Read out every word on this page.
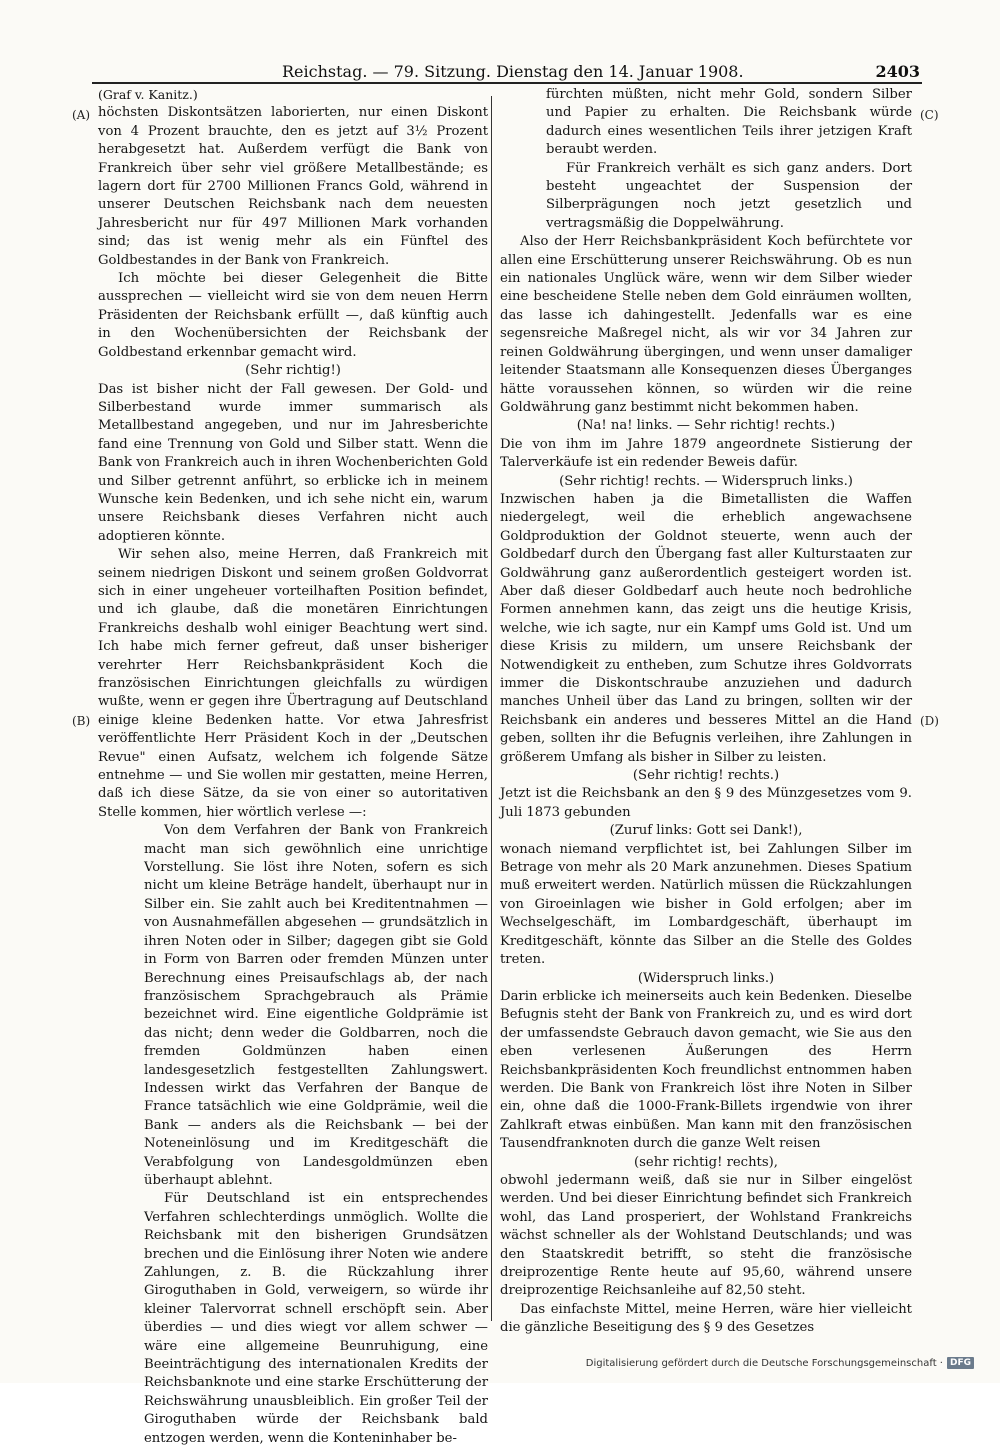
Reichstag. — 79. Sitzung. Dienstag den 14. Januar 1908.	2403
(A)
(B)
(C)
(D)

(Graf v. Kanitz.)

höchsten Diskontsätzen laborierten, nur einen Diskont von 4 Prozent brauchte, den es jetzt auf 3½ Prozent herabgesetzt hat. Außerdem verfügt die Bank von Frankreich über sehr viel größere Metallbestände; es lagern dort für 2700 Millionen Francs Gold, während in unserer Deutschen Reichsbank nach dem neuesten Jahresbericht nur für 497 Millionen Mark vorhanden sind; das ist wenig mehr als ein Fünftel des Goldbestandes in der Bank von Frankreich.

Ich möchte bei dieser Gelegenheit die Bitte aussprechen — vielleicht wird sie von dem neuen Herrn Präsidenten der Reichsbank erfüllt —, daß künftig auch in den Wochenübersichten der Reichsbank der Goldbestand erkennbar gemacht wird.

(Sehr richtig!)

Das ist bisher nicht der Fall gewesen. Der Gold- und Silberbestand wurde immer summarisch als Metallbestand angegeben, und nur im Jahresberichte fand eine Trennung von Gold und Silber statt. Wenn die Bank von Frankreich auch in ihren Wochenberichten Gold und Silber getrennt anführt, so erblicke ich in meinem Wunsche kein Bedenken, und ich sehe nicht ein, warum unsere Reichsbank dieses Verfahren nicht auch adoptieren könnte.

Wir sehen also, meine Herren, daß Frankreich mit seinem niedrigen Diskont und seinem großen Goldvorrat sich in einer ungeheuer vorteilhaften Position befindet, und ich glaube, daß die monetären Einrichtungen Frankreichs deshalb wohl einiger Beachtung wert sind. Ich habe mich ferner gefreut, daß unser bisheriger verehrter Herr Reichsbankpräsident Koch die französischen Einrichtungen gleichfalls zu würdigen wußte, wenn er gegen ihre Übertragung auf Deutschland einige kleine Bedenken hatte. Vor etwa Jahresfrist veröffentlichte Herr Präsident Koch in der „Deutschen Revue" einen Aufsatz, welchem ich folgende Sätze entnehme — und Sie wollen mir gestatten, meine Herren, daß ich diese Sätze, da sie von einer so autoritativen Stelle kommen, hier wörtlich verlese —:

Von dem Verfahren der Bank von Frankreich macht man sich gewöhnlich eine unrichtige Vorstellung. Sie löst ihre Noten, sofern es sich nicht um kleine Beträge handelt, überhaupt nur in Silber ein. Sie zahlt auch bei Kreditentnahmen — von Ausnahmefällen abgesehen — grundsätzlich in ihren Noten oder in Silber; dagegen gibt sie Gold in Form von Barren oder fremden Münzen unter Berechnung eines Preisaufschlags ab, der nach französischem Sprachgebrauch als Prämie bezeichnet wird. Eine eigentliche Goldprämie ist das nicht; denn weder die Goldbarren, noch die fremden Goldmünzen haben einen landesgesetzlich festgestellten Zahlungswert. Indessen wirkt das Verfahren der Banque de France tatsächlich wie eine Goldprämie, weil die Bank — anders als die Reichsbank — bei der Noteneinlösung und im Kreditgeschäft die Verabfolgung von Landesgoldmünzen eben überhaupt ablehnt.

Für Deutschland ist ein entsprechendes Verfahren schlechterdings unmöglich. Wollte die Reichsbank mit den bisherigen Grundsätzen brechen und die Einlösung ihrer Noten wie andere Zahlungen, z. B. die Rückzahlung ihrer Giroguthaben in Gold, verweigern, so würde ihr kleiner Talervorrat schnell erschöpft sein. Aber überdies — und dies wiegt vor allem schwer — wäre eine allgemeine Beunruhigung, eine Beeinträchtigung des internationalen Kredits der Reichsbanknote und eine starke Erschütterung der Reichswährung unausbleiblich. Ein großer Teil der Giroguthaben würde der Reichsbank bald entzogen werden, wenn die Konteninhaber be-

fürchten müßten, nicht mehr Gold, sondern Silber und Papier zu erhalten. Die Reichsbank würde dadurch eines wesentlichen Teils ihrer jetzigen Kraft beraubt werden.

Für Frankreich verhält es sich ganz anders. Dort besteht ungeachtet der Suspension der Silberprägungen noch jetzt gesetzlich und vertragsmäßig die Doppelwährung.

Also der Herr Reichsbankpräsident Koch befürchtete vor allen eine Erschütterung unserer Reichswährung. Ob es nun ein nationales Unglück wäre, wenn wir dem Silber wieder eine bescheidene Stelle neben dem Gold einräumen wollten, das lasse ich dahingestellt. Jedenfalls war es eine segensreiche Maßregel nicht, als wir vor 34 Jahren zur reinen Goldwährung übergingen, und wenn unser damaliger leitender Staatsmann alle Konsequenzen dieses Überganges hätte voraussehen können, so würden wir die reine Goldwährung ganz bestimmt nicht bekommen haben.

(Na! na! links. — Sehr richtig! rechts.)

Die von ihm im Jahre 1879 angeordnete Sistierung der Talerverkäufe ist ein redender Beweis dafür.

(Sehr richtig! rechts. — Widerspruch links.)

Inzwischen haben ja die Bimetallisten die Waffen niedergelegt, weil die erheblich angewachsene Goldproduktion der Goldnot steuerte, wenn auch der Goldbedarf durch den Übergang fast aller Kulturstaaten zur Goldwährung ganz außerordentlich gesteigert worden ist. Aber daß dieser Goldbedarf auch heute noch bedrohliche Formen annehmen kann, das zeigt uns die heutige Krisis, welche, wie ich sagte, nur ein Kampf ums Gold ist. Und um diese Krisis zu mildern, um unsere Reichsbank der Notwendigkeit zu entheben, zum Schutze ihres Goldvorrats immer die Diskontschraube anzuziehen und dadurch manches Unheil über das Land zu bringen, sollten wir der Reichsbank ein anderes und besseres Mittel an die Hand geben, sollten ihr die Befugnis verleihen, ihre Zahlungen in größerem Umfang als bisher in Silber zu leisten.

(Sehr richtig! rechts.)

Jetzt ist die Reichsbank an den § 9 des Münzgesetzes vom 9. Juli 1873 gebunden

(Zuruf links: Gott sei Dank!),

wonach niemand verpflichtet ist, bei Zahlungen Silber im Betrage von mehr als 20 Mark anzunehmen. Dieses Spatium muß erweitert werden. Natürlich müssen die Rückzahlungen von Giroeinlagen wie bisher in Gold erfolgen; aber im Wechselgeschäft, im Lombardgeschäft, überhaupt im Kreditgeschäft, könnte das Silber an die Stelle des Goldes treten.

(Widerspruch links.)

Darin erblicke ich meinerseits auch kein Bedenken. Dieselbe Befugnis steht der Bank von Frankreich zu, und es wird dort der umfassendste Gebrauch davon gemacht, wie Sie aus den eben verlesenen Äußerungen des Herrn Reichsbankpräsidenten Koch freundlichst entnommen haben werden. Die Bank von Frankreich löst ihre Noten in Silber ein, ohne daß die 1000-Frank-Billets irgendwie von ihrer Zahlkraft etwas einbüßen. Man kann mit den französischen Tausendfranknoten durch die ganze Welt reisen

(sehr richtig! rechts),

obwohl jedermann weiß, daß sie nur in Silber eingelöst werden. Und bei dieser Einrichtung befindet sich Frankreich wohl, das Land prosperiert, der Wohlstand Frankreichs wächst schneller als der Wohlstand Deutschlands; und was den Staatskredit betrifft, so steht die französische dreiprozentige Rente heute auf 95,60, während unsere dreiprozentige Reichsanleihe auf 82,50 steht.

Das einfachste Mittel, meine Herren, wäre hier vielleicht die gänzliche Beseitigung des § 9 des Gesetzes

Digitalisierung gefördert durch die Deutsche Forschungsgemeinschaft · DFG
